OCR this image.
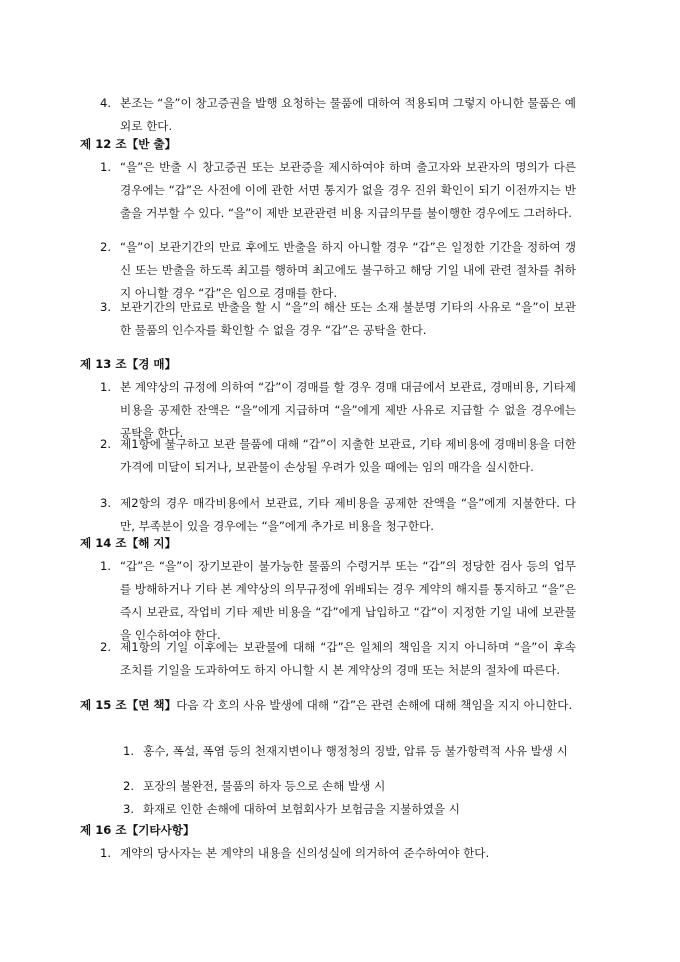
4. 본조는 “을”이 창고증권을 발행 요청하는 물품에 대하여 적용되며 그렇지 아니한 물품은 예외로 한다.
제 12 조【반 출】
1. “을”은 반출 시 창고증권 또는 보관증을 제시하여야 하며 출고자와 보관자의 명의가 다른 경우에는 “갑”은 사전에 이에 관한 서면 통지가 없을 경우 진위 확인이 되기 이전까지는 반출을 거부할 수 있다. “을”이 제반 보관관련 비용 지급의무를 불이행한 경우에도 그러하다.
2. “을”이 보관기간의 만료 후에도 반출을 하지 아니할 경우 “갑”은 일정한 기간을 정하여 갱신 또는 반출을 하도록 최고를 행하며 최고에도 불구하고 해당 기일 내에 관련 절차를 취하지 아니할 경우 “갑”은 임으로 경매를 한다.
3. 보관기간의 만료로 반출을 할 시 “을”의 해산 또는 소재 불분명 기타의 사유로 “을”이 보관한 물품의 인수자를 확인할 수 없을 경우 “갑”은 공탁을 한다.
제 13 조【경 매】
1. 본 계약상의 규정에 의하여 “갑”이 경매를 할 경우 경매 대금에서 보관료, 경매비용, 기타제비용을 공제한 잔액은 “을”에게 지급하며 “을”에게 제반 사유로 지급할 수 없을 경우에는 공탁을 한다.
2. 제1항에 불구하고 보관 물품에 대해 “갑”이 지출한 보관료, 기타 제비용에 경매비용을 더한 가격에 미달이 되거나, 보관물이 손상될 우려가 있을 때에는 임의 매각을 실시한다.
3. 제2항의 경우 매각비용에서 보관료, 기타 제비용을 공제한 잔액을 “을”에게 지불한다. 다만, 부족분이 있을 경우에는 “을”에게 추가로 비용을 청구한다.
제 14 조【해 지】
1. “갑”은 “을”이 장기보관이 불가능한 물품의 수령거부 또는 “갑”의 정당한 검사 등의 업무를 방해하거나 기타 본 계약상의 의무규정에 위배되는 경우 계약의 해지를 통지하고 “을”은 즉시 보관료, 작업비 기타 제반 비용을 “갑”에게 납입하고 “갑”이 지정한 기일 내에 보관물을 인수하여야 한다.
2. 제1항의 기일 이후에는 보관물에 대해 “갑”은 일체의 책임을 지지 아니하며 “을”이 후속 조치를 기일을 도과하여도 하지 아니할 시 본 계약상의 경매 또는 처분의 절차에 따른다.
제 15 조【면 책】다음 각 호의 사유 발생에 대해 “갑”은 관련 손해에 대해 책임을 지지 아니한다.
1. 홍수, 폭설, 폭염 등의 천재지변이나 행정청의 징발, 압류 등 불가항력적 사유 발생 시
2. 포장의 불완전, 물품의 하자 등으로 손해 발생 시
3. 화재로 인한 손해에 대하여 보험회사가 보험금을 지불하였을 시
제 16 조【기타사항】
1. 계약의 당사자는 본 계약의 내용을 신의성실에 의거하여 준수하여야 한다.
